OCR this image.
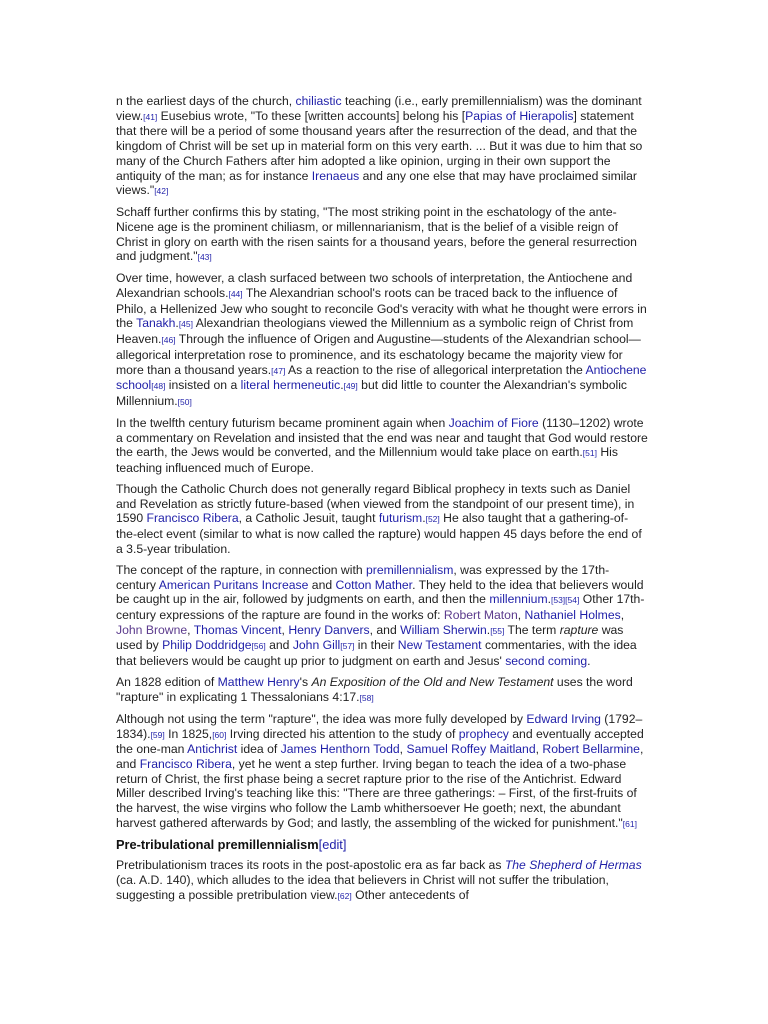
n the earliest days of the church, chiliastic teaching (i.e., early premillennialism) was the dominant view.[41] Eusebius wrote, "To these [written accounts] belong his [Papias of Hierapolis] statement that there will be a period of some thousand years after the resurrection of the dead, and that the kingdom of Christ will be set up in material form on this very earth. ... But it was due to him that so many of the Church Fathers after him adopted a like opinion, urging in their own support the antiquity of the man; as for instance Irenaeus and any one else that may have proclaimed similar views."[42]

Schaff further confirms this by stating, "The most striking point in the eschatology of the ante-Nicene age is the prominent chiliasm, or millennarianism, that is the belief of a visible reign of Christ in glory on earth with the risen saints for a thousand years, before the general resurrection and judgment."[43]

Over time, however, a clash surfaced between two schools of interpretation, the Antiochene and Alexandrian schools.[44] The Alexandrian school's roots can be traced back to the influence of Philo, a Hellenized Jew who sought to reconcile God's veracity with what he thought were errors in the Tanakh.[45] Alexandrian theologians viewed the Millennium as a symbolic reign of Christ from Heaven.[46] Through the influence of Origen and Augustine—students of the Alexandrian school—allegorical interpretation rose to prominence, and its eschatology became the majority view for more than a thousand years.[47] As a reaction to the rise of allegorical interpretation the Antiochene school[48] insisted on a literal hermeneutic.[49] but did little to counter the Alexandrian's symbolic Millennium.[50]

In the twelfth century futurism became prominent again when Joachim of Fiore (1130–1202) wrote a commentary on Revelation and insisted that the end was near and taught that God would restore the earth, the Jews would be converted, and the Millennium would take place on earth.[51] His teaching influenced much of Europe.

Though the Catholic Church does not generally regard Biblical prophecy in texts such as Daniel and Revelation as strictly future-based (when viewed from the standpoint of our present time), in 1590 Francisco Ribera, a Catholic Jesuit, taught futurism.[52] He also taught that a gathering-of-the-elect event (similar to what is now called the rapture) would happen 45 days before the end of a 3.5-year tribulation.

The concept of the rapture, in connection with premillennialism, was expressed by the 17th-century American Puritans Increase and Cotton Mather. They held to the idea that believers would be caught up in the air, followed by judgments on earth, and then the millennium.[53][54] Other 17th-century expressions of the rapture are found in the works of: Robert Maton, Nathaniel Holmes, John Browne, Thomas Vincent, Henry Danvers, and William Sherwin.[55] The term rapture was used by Philip Doddridge[56] and John Gill[57] in their New Testament commentaries, with the idea that believers would be caught up prior to judgment on earth and Jesus' second coming.

An 1828 edition of Matthew Henry's An Exposition of the Old and New Testament uses the word "rapture" in explicating 1 Thessalonians 4:17.[58]

Although not using the term "rapture", the idea was more fully developed by Edward Irving (1792–1834).[59] In 1825,[60] Irving directed his attention to the study of prophecy and eventually accepted the one-man Antichrist idea of James Henthorn Todd, Samuel Roffey Maitland, Robert Bellarmine, and Francisco Ribera, yet he went a step further. Irving began to teach the idea of a two-phase return of Christ, the first phase being a secret rapture prior to the rise of the Antichrist. Edward Miller described Irving's teaching like this: "There are three gatherings: – First, of the first-fruits of the harvest, the wise virgins who follow the Lamb whithersoever He goeth; next, the abundant harvest gathered afterwards by God; and lastly, the assembling of the wicked for punishment."[61]

Pre-tribulational premillennialism[edit]

Pretribulationism traces its roots in the post-apostolic era as far back as The Shepherd of Hermas (ca. A.D. 140), which alludes to the idea that believers in Christ will not suffer the tribulation, suggesting a possible pretribulation view.[62] Other antecedents of
